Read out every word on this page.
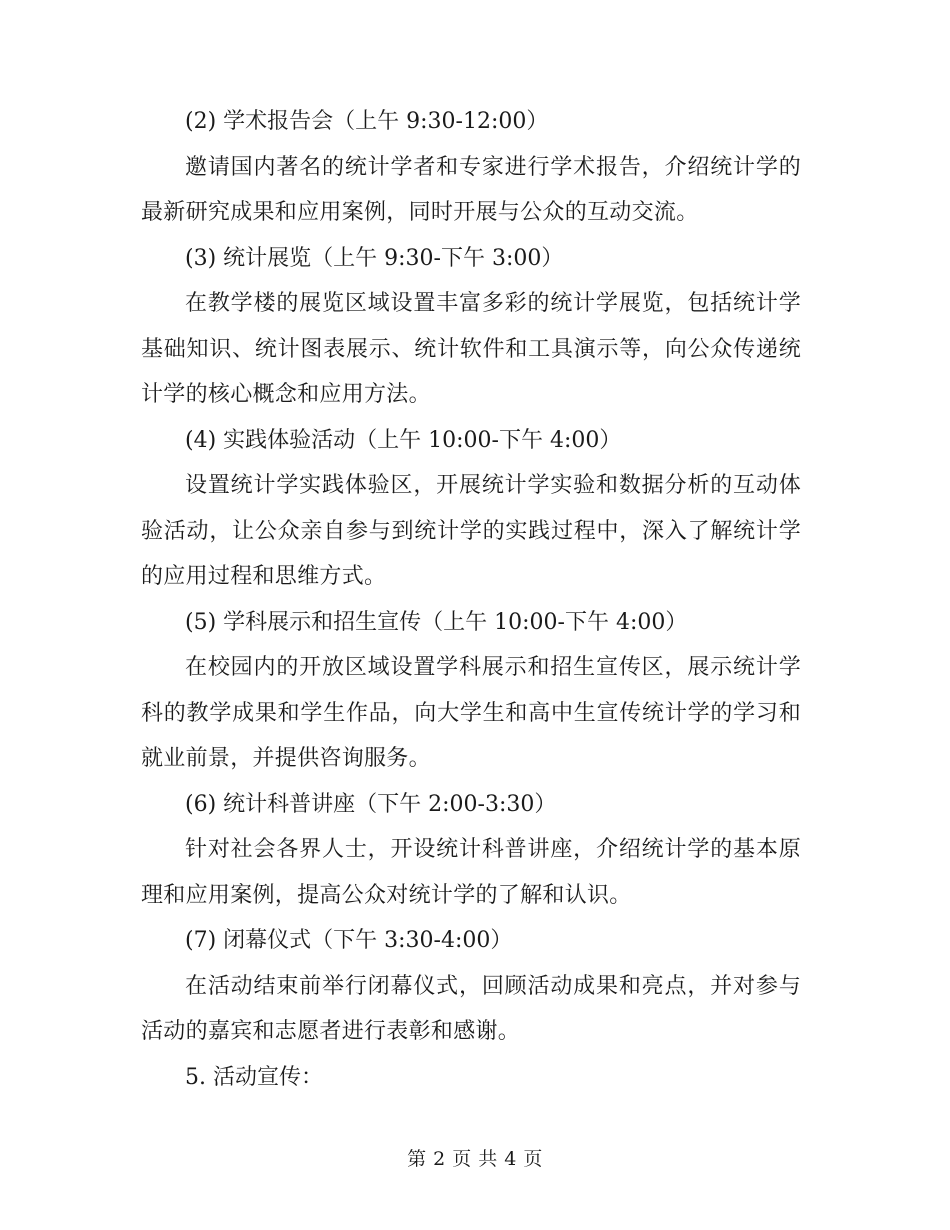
(2) 学术报告会（上午 9:30-12:00）

邀请国内著名的统计学者和专家进行学术报告，介绍统计学的最新研究成果和应用案例，同时开展与公众的互动交流。

(3) 统计展览（上午 9:30-下午 3:00）

在教学楼的展览区域设置丰富多彩的统计学展览，包括统计学基础知识、统计图表展示、统计软件和工具演示等，向公众传递统计学的核心概念和应用方法。

(4) 实践体验活动（上午 10:00-下午 4:00）

设置统计学实践体验区，开展统计学实验和数据分析的互动体验活动，让公众亲自参与到统计学的实践过程中，深入了解统计学的应用过程和思维方式。

(5) 学科展示和招生宣传（上午 10:00-下午 4:00）

在校园内的开放区域设置学科展示和招生宣传区，展示统计学科的教学成果和学生作品，向大学生和高中生宣传统计学的学习和就业前景，并提供咨询服务。

(6) 统计科普讲座（下午 2:00-3:30）

针对社会各界人士，开设统计科普讲座，介绍统计学的基本原理和应用案例，提高公众对统计学的了解和认识。

(7) 闭幕仪式（下午 3:30-4:00）

在活动结束前举行闭幕仪式，回顾活动成果和亮点，并对参与活动的嘉宾和志愿者进行表彰和感谢。

5. 活动宣传：

第 2 页 共 4 页
